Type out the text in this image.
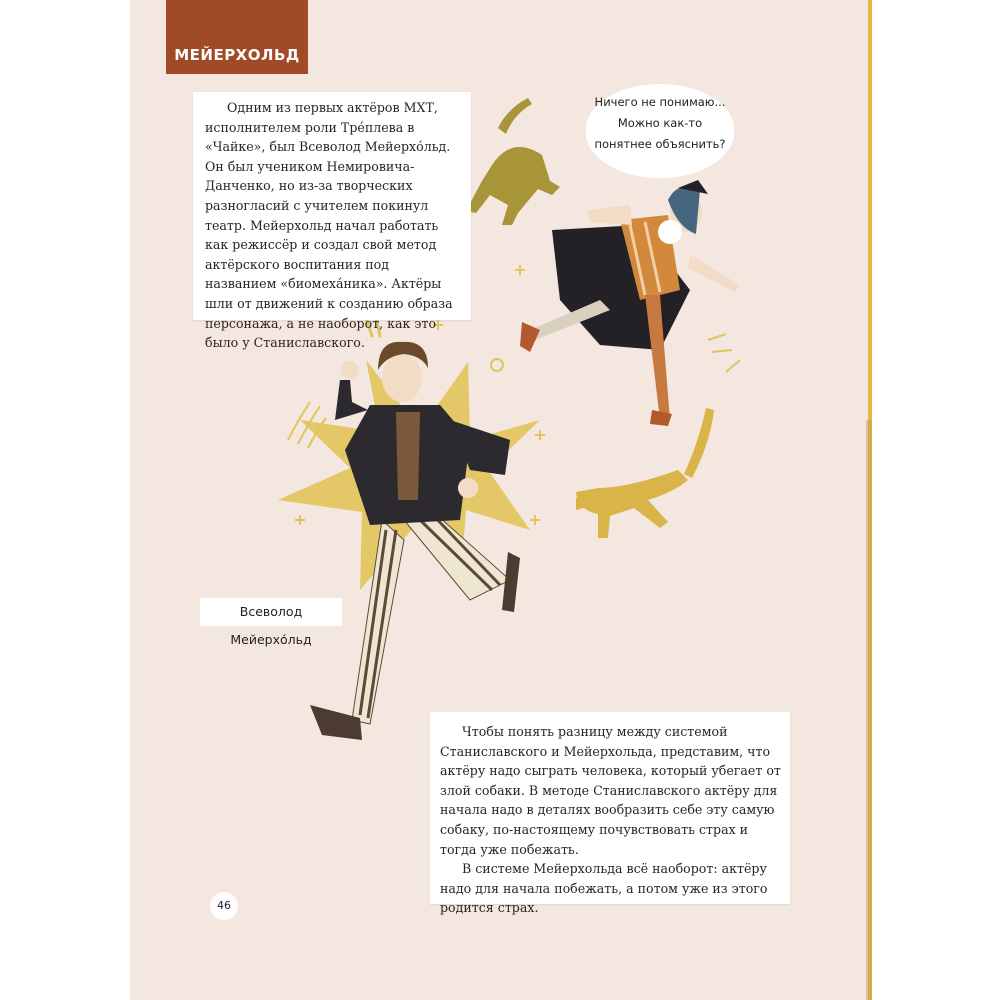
МЕЙЕРХОЛЬД

Одним из первых актёров МХТ, исполнителем роли Тре́плева в «Чайке», был Всеволод Мейерхо́льд. Он был учеником Немировича-Данченко, но из-за творческих разногласий с учителем покинул театр. Мейерхольд начал работать как режиссёр и создал свой метод актёрского воспитания под названием «биомеха́ника». Актёры шли от движений к созданию образа персонажа, а не наоборот, как это было у Станиславского.

Ничего не понимаю...
Можно как-то
понятнее объяснить?
Всеволод Мейерхо́льд

Чтобы понять разницу между системой Станиславского и Мейерхольда, представим, что актёру надо сыграть человека, который убегает от злой собаки. В методе Станиславского актёру для начала надо в деталях вообразить себе эту самую собаку, по-настоящему почувствовать страх и тогда уже побежать.

В системе Мейерхольда всё наоборот: актёру надо для начала побежать, а потом уже из этого родится страх.

46
